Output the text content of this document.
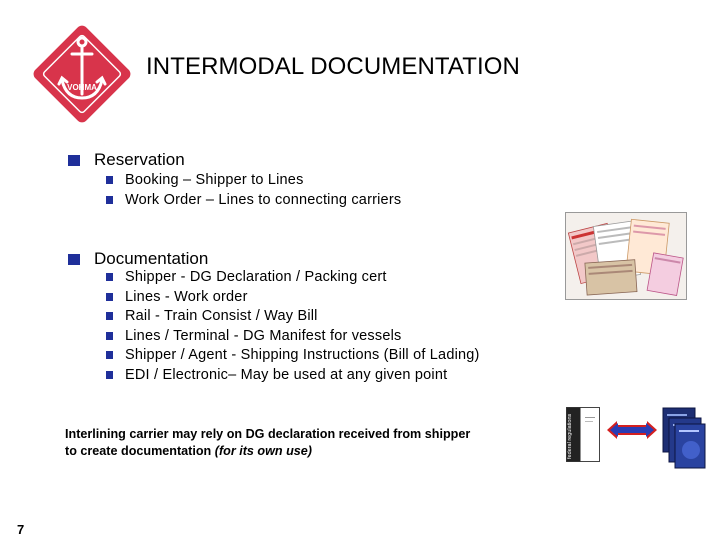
VOHMA
INTERMODAL DOCUMENTATION
Reservation
Booking – Shipper to Lines
Work Order – Lines to connecting carriers
Documentation
Shipper - DG Declaration / Packing cert
Lines - Work order
Rail - Train Consist / Way Bill
Lines / Terminal - DG Manifest for vessels
Shipper / Agent - Shipping Instructions (Bill of Lading)
EDI / Electronic– May be used at any given point
Interlining carrier may rely on DG declaration received from shipper to create documentation (for its own use)	federal regulations
7
